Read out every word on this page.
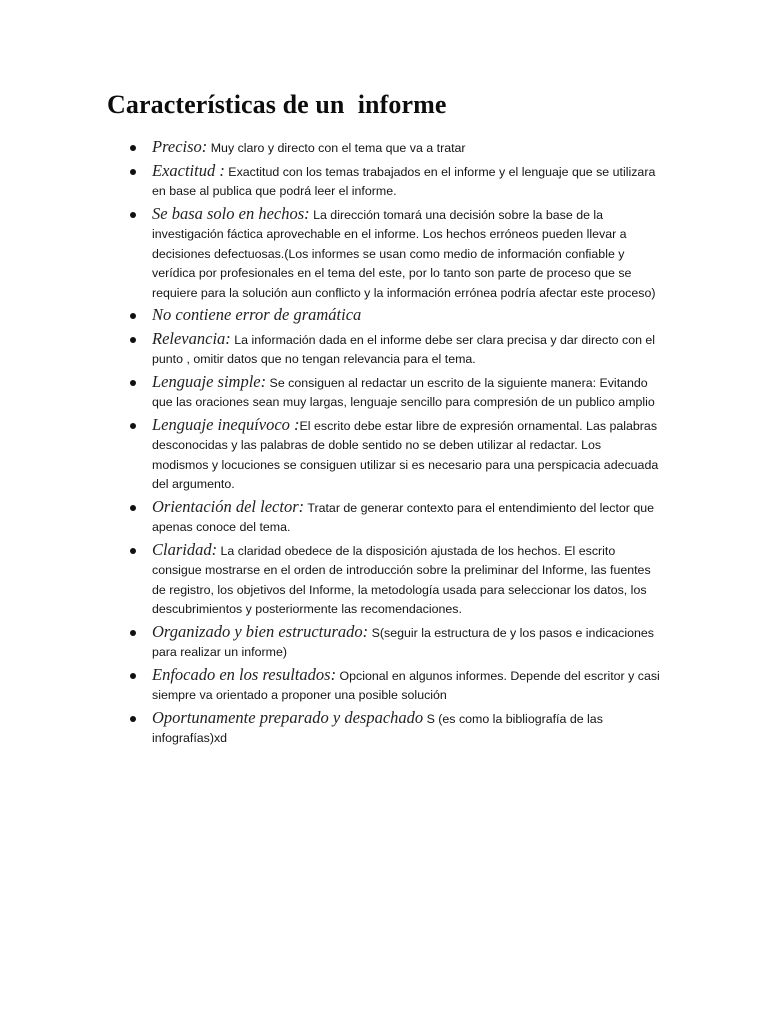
Características de un  informe
Preciso: Muy claro y directo con el tema que va a tratar
Exactitud : Exactitud con los temas trabajados en el informe y el lenguaje que se utilizara en base al publica que podrá leer el informe.
Se basa solo en hechos: La dirección tomará una decisión sobre la base de la investigación fáctica aprovechable en el informe. Los hechos erróneos pueden llevar a decisiones defectuosas.(Los informes se usan como medio de información confiable y verídica por profesionales en el tema del este, por lo tanto son parte de proceso que se requiere para la solución aun conflicto y la información errónea podría afectar este proceso)
No contiene error de gramática
Relevancia: La información dada en el informe debe ser clara precisa y dar directo con el punto , omitir datos que no tengan relevancia para el tema.
Lenguaje simple: Se consiguen al redactar un escrito de la siguiente manera: Evitando que las oraciones sean muy largas, lenguaje sencillo para compresión de un publico amplio
Lenguaje inequívoco :El escrito debe estar libre de expresión ornamental. Las palabras desconocidas y las palabras de doble sentido no se deben utilizar al redactar. Los modismos y locuciones se consiguen utilizar si es necesario para una perspicacia adecuada del argumento.
Orientación del lector: Tratar de generar contexto para el entendimiento del lector que apenas conoce del tema.
Claridad: La claridad obedece de la disposición ajustada de los hechos. El escrito consigue mostrarse en el orden de introducción sobre la preliminar del Informe, las fuentes de registro, los objetivos del Informe, la metodología usada para seleccionar los datos, los descubrimientos y posteriormente las recomendaciones.
Organizado y bien estructurado: S(seguir la estructura de y los pasos e indicaciones para realizar un informe)
Enfocado en los resultados: Opcional en algunos informes. Depende del escritor y casi siempre va orientado a proponer una posible solución
Oportunamente preparado y despachado S (es como la bibliografía de las infografías)xd
